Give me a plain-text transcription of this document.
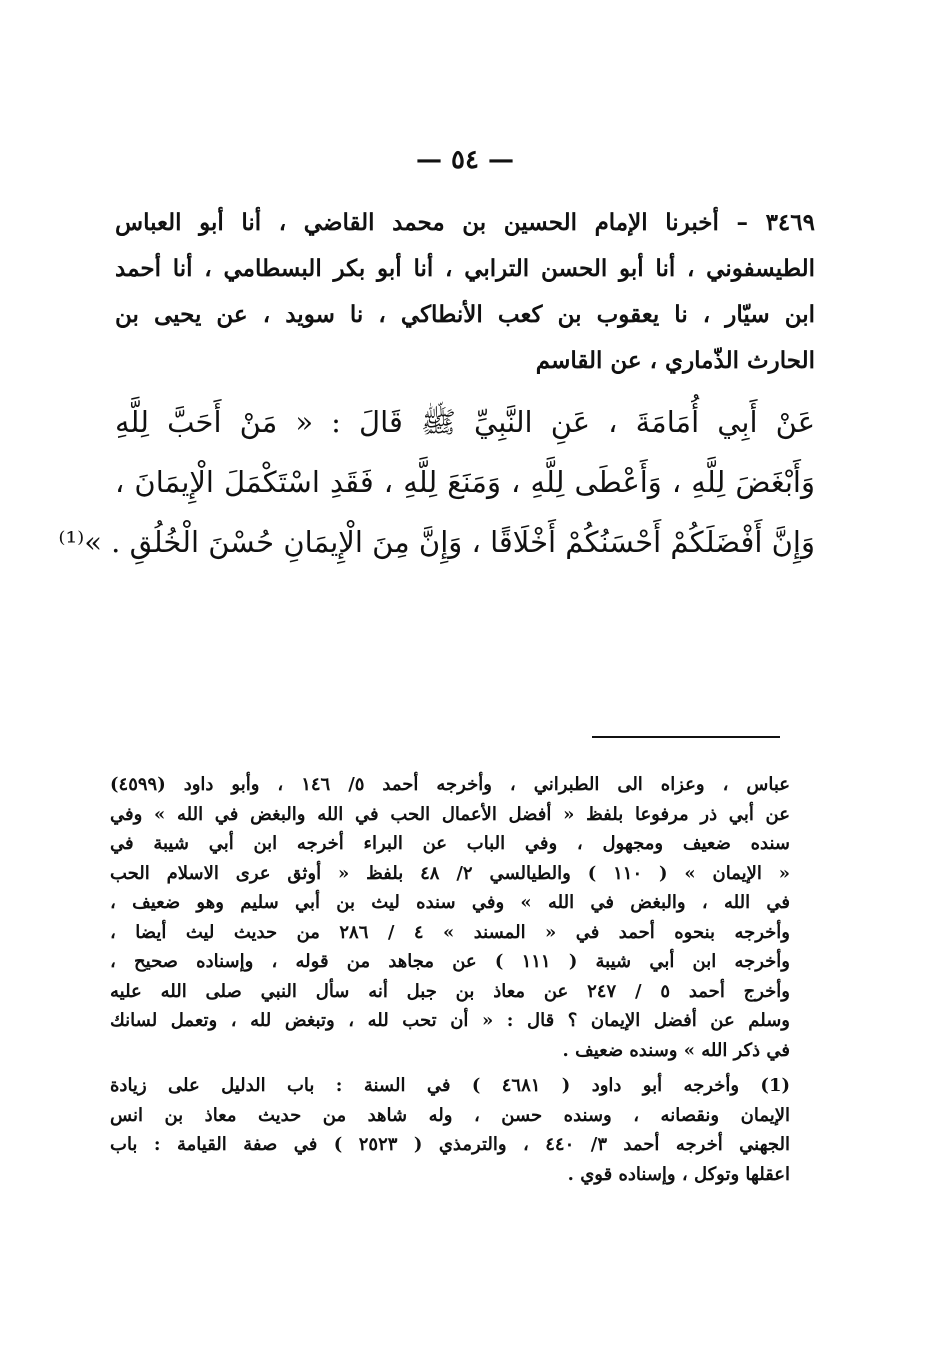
— ٥٤ —
٣٤٦٩ – أخبرنا الإمام الحسين بن محمد القاضي ، أنا أبو العباس
الطيسفوني ، أنا أبو الحسن الترابي ، أنا أبو بكر البسطامي ، أنا أحمد
ابن سيّار ، نا يعقوب بن كعب الأنطاكي ، نا سويد ، عن يحيى بن
الحارث الذّماري ، عن القاسم
عَنْ أَبِي أُمَامَةَ ، عَنِ النَّبِيِّ ﷺ قَالَ : « مَنْ أَحَبَّ لِلَّهِ
وَأَبْغَضَ لِلَّهِ ، وَأَعْطَى لِلَّهِ ، وَمَنَعَ لِلَّهِ ، فَقَدِ اسْتَكْمَلَ الْإِيمَانَ ،
وَإِنَّ أَفْضَلَكُمْ أَحْسَنُكُمْ أَخْلَاقًا ، وَإِنَّ مِنَ الْإِيمَانِ حُسْنَ الْخُلُقِ . »⁽¹⁾
عباس ، وعزاه الى الطبراني ، وأخرجه أحمد ٥/ ١٤٦ ، وأبو داود (٤٥٩٩)
عن أبي ذر مرفوعا بلفظ « أفضل الأعمال الحب في الله والبغض في الله » وفي
سنده ضعيف ومجهول ، وفي الباب عن البراء أخرجه ابن أبي شيبة في
« الإيمان » ( ١١٠ ) والطيالسي ٢/ ٤٨ بلفظ « أوثق عرى الاسلام الحب
في الله ، والبغض في الله » وفي سنده ليث بن أبي سليم وهو ضعيف ،
وأخرجه بنحوه أحمد في « المسند » ٤ / ٢٨٦ من حديث ليث أيضا ،
وأخرجه ابن أبي شيبة ( ١١١ ) عن مجاهد من قوله ، وإسناده صحيح ،
وأخرج أحمد ٥ / ٢٤٧ عن معاذ بن جبل أنه سأل النبي صلى الله عليه
وسلم عن أفضل الإيمان ؟ قال : « أن تحب لله ، وتبغض لله ، وتعمل لسانك
في ذكر الله » وسنده ضعيف .
(1) وأخرجه أبو داود ( ٤٦٨١ ) في السنة : باب الدليل على زيادة
الإيمان ونقصانه ، وسنده حسن ، وله شاهد من حديث معاذ بن انس
الجهني أخرجه أحمد ٣/ ٤٤٠ ، والترمذي ( ٢٥٢٣ ) في صفة القيامة : باب
اعقلها وتوكل ، وإسناده قوي .
